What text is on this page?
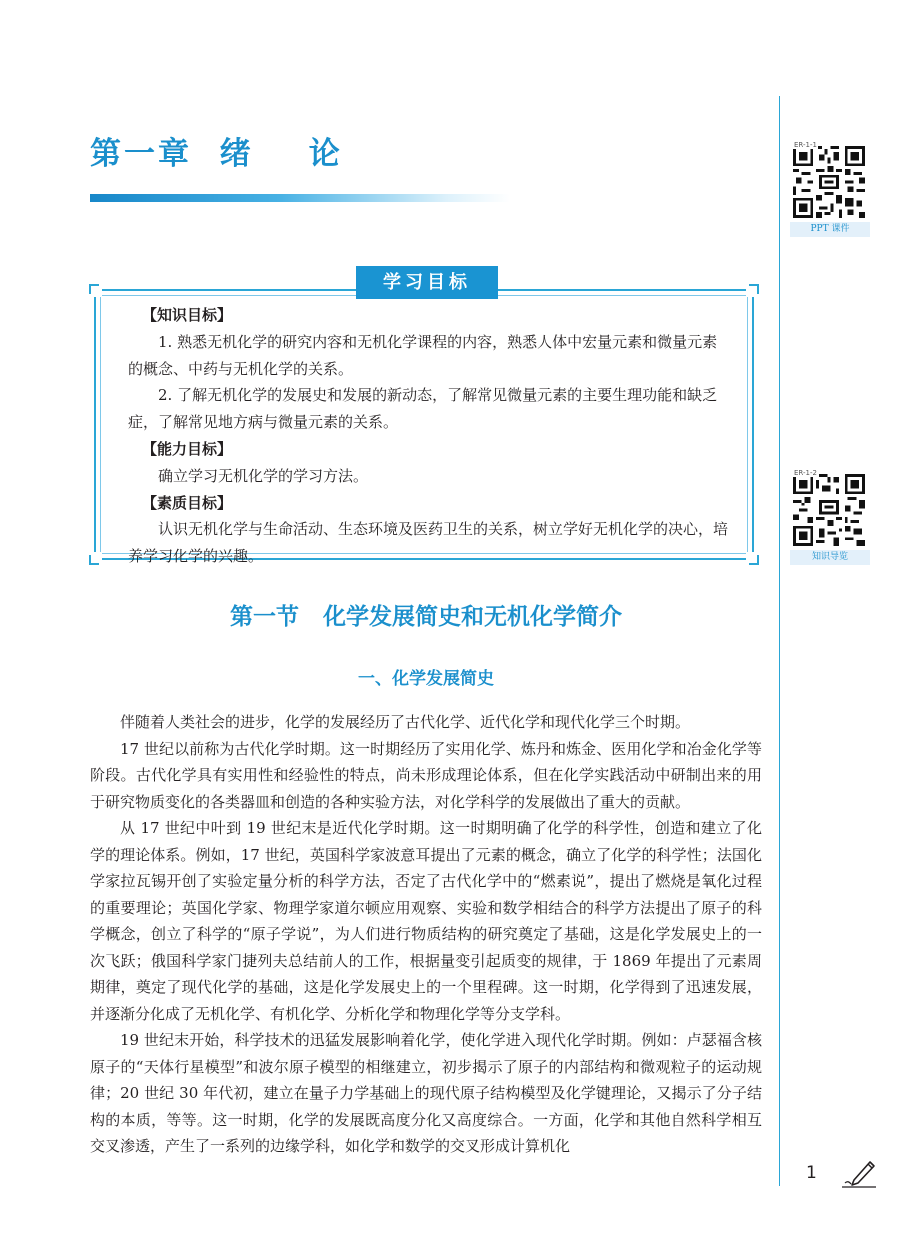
第一章  绪    论	ER-1-1
PPT 课件
ER-1-2
知识导览
学习目标
【知识目标】

1. 熟悉无机化学的研究内容和无机化学课程的内容，熟悉人体中宏量元素和微量元素的概念、中药与无机化学的关系。

2. 了解无机化学的发展史和发展的新动态，了解常见微量元素的主要生理功能和缺乏症，了解常见地方病与微量元素的关系。

【能力目标】

确立学习无机化学的学习方法。

【素质目标】

认识无机化学与生命活动、生态环境及医药卫生的关系，树立学好无机化学的决心，培养学习化学的兴趣。

第一节   化学发展简史和无机化学简介
一、化学发展简史

伴随着人类社会的进步，化学的发展经历了古代化学、近代化学和现代化学三个时期。

17 世纪以前称为古代化学时期。这一时期经历了实用化学、炼丹和炼金、医用化学和冶金化学等阶段。古代化学具有实用性和经验性的特点，尚未形成理论体系，但在化学实践活动中研制出来的用于研究物质变化的各类器皿和创造的各种实验方法，对化学科学的发展做出了重大的贡献。

从 17 世纪中叶到 19 世纪末是近代化学时期。这一时期明确了化学的科学性，创造和建立了化学的理论体系。例如，17 世纪，英国科学家波意耳提出了元素的概念，确立了化学的科学性；法国化学家拉瓦锡开创了实验定量分析的科学方法，否定了古代化学中的“燃素说”，提出了燃烧是氧化过程的重要理论；英国化学家、物理学家道尔顿应用观察、实验和数学相结合的科学方法提出了原子的科学概念，创立了科学的“原子学说”，为人们进行物质结构的研究奠定了基础，这是化学发展史上的一次飞跃；俄国科学家门捷列夫总结前人的工作，根据量变引起质变的规律，于 1869 年提出了元素周期律，奠定了现代化学的基础，这是化学发展史上的一个里程碑。这一时期，化学得到了迅速发展，并逐渐分化成了无机化学、有机化学、分析化学和物理化学等分支学科。

19 世纪末开始，科学技术的迅猛发展影响着化学，使化学进入现代化学时期。例如：卢瑟福含核原子的“天体行星模型”和波尔原子模型的相继建立，初步揭示了原子的内部结构和微观粒子的运动规律；20 世纪 30 年代初，建立在量子力学基础上的现代原子结构模型及化学键理论，又揭示了分子结构的本质，等等。这一时期，化学的发展既高度分化又高度综合。一方面，化学和其他自然科学相互交叉渗透，产生了一系列的边缘学科，如化学和数学的交叉形成计算机化

1
